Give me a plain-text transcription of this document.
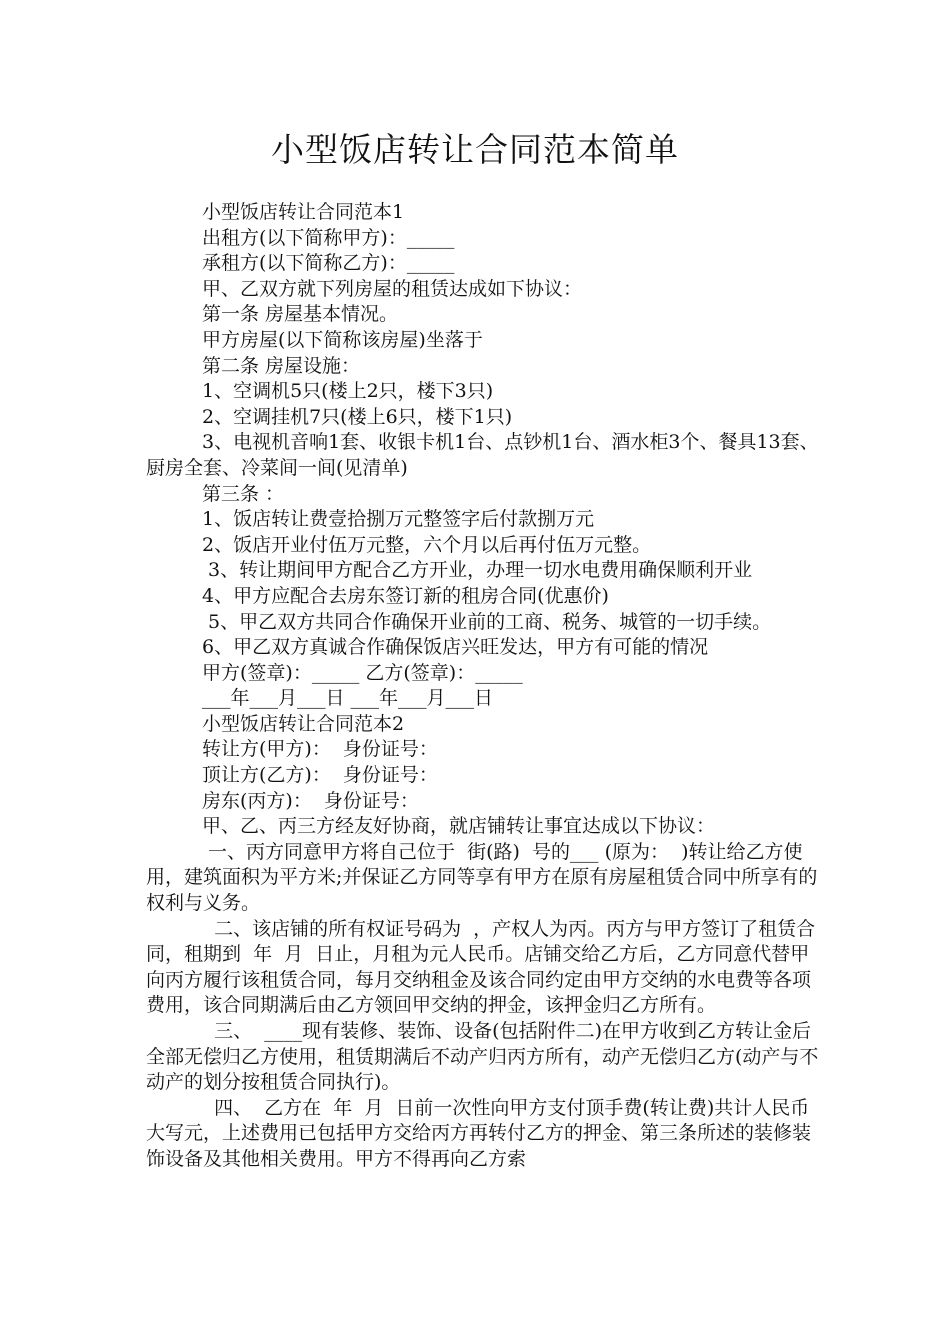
小型饭店转让合同范本简单

小型饭店转让合同范本1

出租方(以下简称甲方)：_____

承租方(以下简称乙方)：_____

甲、乙双方就下列房屋的租赁达成如下协议：

第一条 房屋基本情况。

甲方房屋(以下简称该房屋)坐落于

第二条 房屋设施：

1、空调机5只(楼上2只，楼下3只)

2、空调挂机7只(楼上6只，楼下1只)

3、电视机音响1套、收银卡机1台、点钞机1台、酒水柜3个、餐具13套、厨房全套、冷菜间一间(见清单)

第三条 ：

1、饭店转让费壹拾捌万元整签字后付款捌万元

2、饭店开业付伍万元整，六个月以后再付伍万元整。

3、转让期间甲方配合乙方开业，办理一切水电费用确保顺利开业

4、甲方应配合去房东签订新的租房合同(优惠价)

5、甲乙双方共同合作确保开业前的工商、税务、城管的一切手续。

6、甲乙双方真诚合作确保饭店兴旺发达，甲方有可能的情况

甲方(签章)：_____ 乙方(签章)：_____

___年___月___日 ___年___月___日

小型饭店转让合同范本2

转让方(甲方)：  身份证号：

顶让方(乙方)：  身份证号：

房东(丙方)：  身份证号：

甲、乙、丙三方经友好协商，就店铺转让事宜达成以下协议：

一、丙方同意甲方将自己位于  街(路)  号的___ (原为：  )转让给乙方使用，建筑面积为平方米;并保证乙方同等享有甲方在原有房屋租赁合同中所享有的权利与义务。

二、该店铺的所有权证号码为  ，产权人为丙。丙方与甲方签订了租赁合同，租期到  年  月  日止，月租为元人民币。店铺交给乙方后，乙方同意代替甲向丙方履行该租赁合同，每月交纳租金及该合同约定由甲方交纳的水电费等各项费用，该合同期满后由乙方领回甲交纳的押金，该押金归乙方所有。

三、  ____现有装修、装饰、设备(包括附件二)在甲方收到乙方转让金后全部无偿归乙方使用，租赁期满后不动产归丙方所有，动产无偿归乙方(动产与不动产的划分按租赁合同执行)。

四、  乙方在  年  月  日前一次性向甲方支付顶手费(转让费)共计人民币大写元，上述费用已包括甲方交给丙方再转付乙方的押金、第三条所述的装修装饰设备及其他相关费用。甲方不得再向乙方索
